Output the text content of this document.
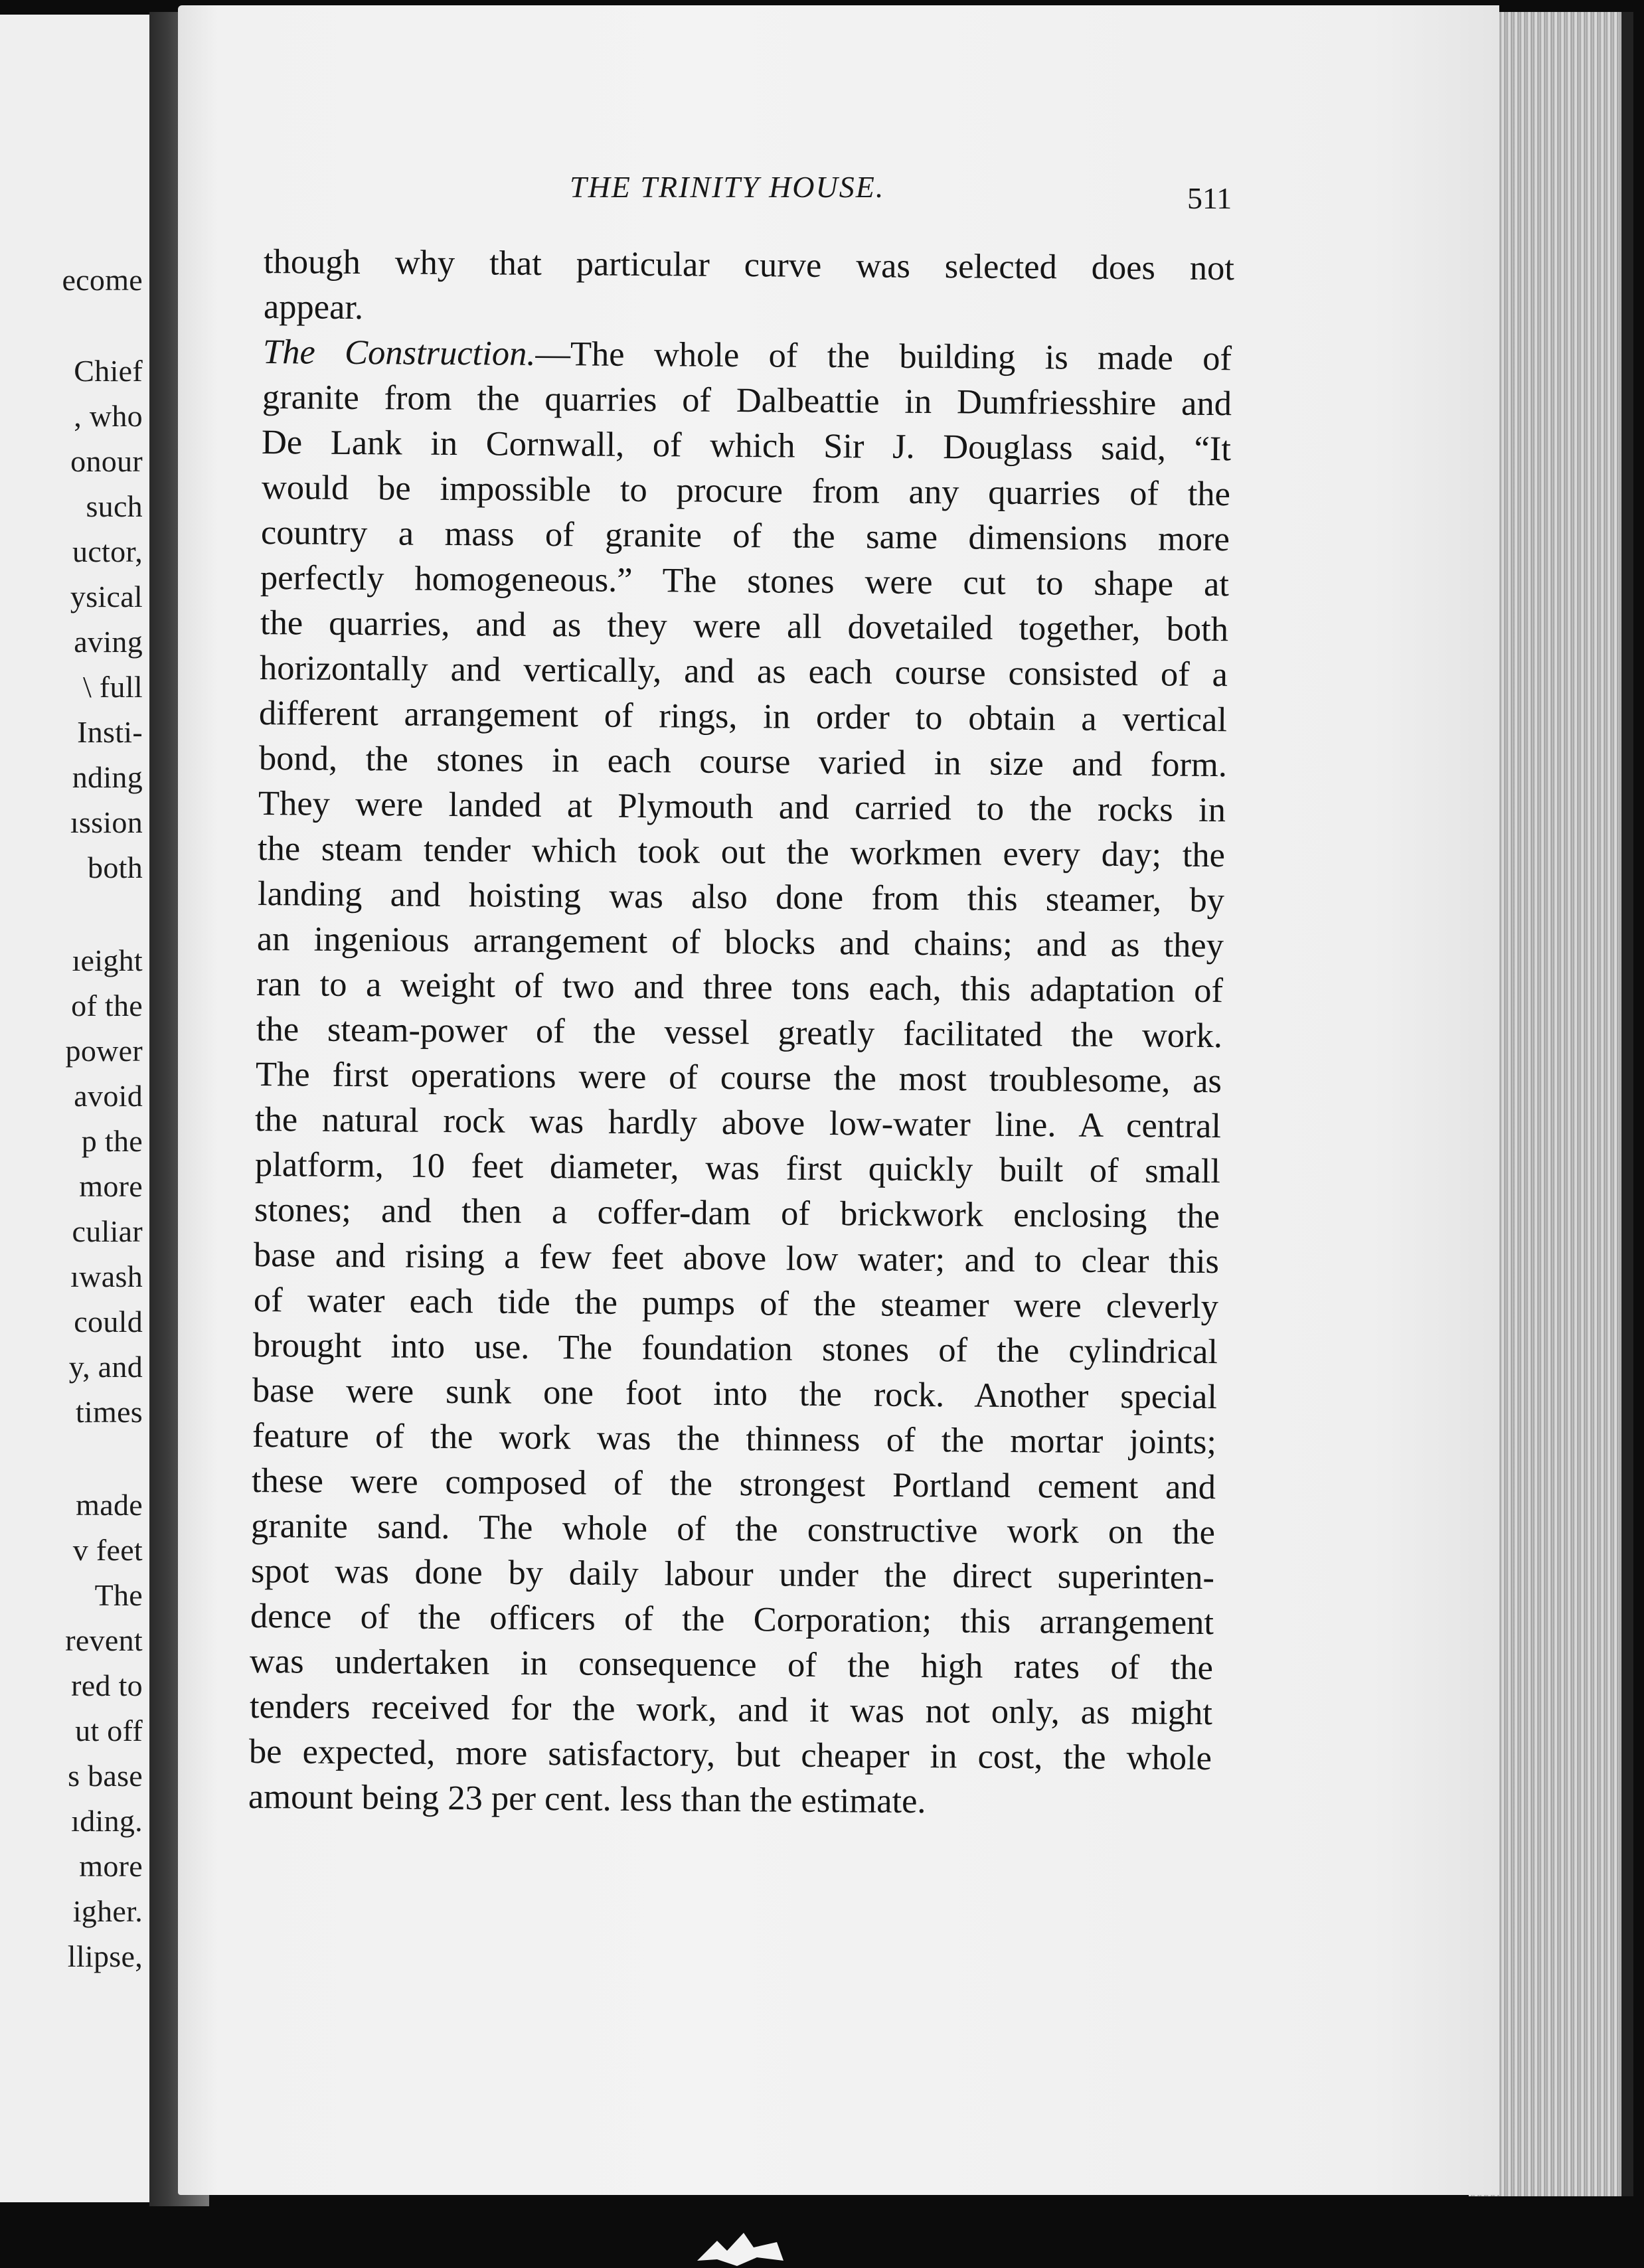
ecome

Chief

, who

onour

such

uctor,

ysical

aving

\ full

Insti-

nding

ıssion

both

ıeight

of the

power

avoid

p the

more

culiar

ıwash

could

y, and

times

made

v feet

The

revent

red to

ut off

s base

ıding.

more

igher.

llipse,

THE TRINITY HOUSE.	511

though why that particular curve was selected does not

appear.

The Construction.—The whole of the building is made of

granite from the quarries of Dalbeattie in Dumfriesshire and

De Lank in Cornwall, of which Sir J. Douglass said, “It

would be impossible to procure from any quarries of the

country a mass of granite of the same dimensions more

perfectly homogeneous.” The stones were cut to shape at

the quarries, and as they were all dovetailed together, both

horizontally and vertically, and as each course consisted of a

different arrangement of rings, in order to obtain a vertical

bond, the stones in each course varied in size and form.

They were landed at Plymouth and carried to the rocks in

the steam tender which took out the workmen every day; the

landing and hoisting was also done from this steamer, by

an ingenious arrangement of blocks and chains; and as they

ran to a weight of two and three tons each, this adaptation of

the steam-power of the vessel greatly facilitated the work.

The first operations were of course the most troublesome, as

the natural rock was hardly above low-water line. A central

platform, 10 feet diameter, was first quickly built of small

stones; and then a coffer-dam of brickwork enclosing the

base and rising a few feet above low water; and to clear this

of water each tide the pumps of the steamer were cleverly

brought into use. The foundation stones of the cylindrical

base were sunk one foot into the rock. Another special

feature of the work was the thinness of the mortar joints;

these were composed of the strongest Portland cement and

granite sand. The whole of the constructive work on the

spot was done by daily labour under the direct superinten-

dence of the officers of the Corporation; this arrangement

was undertaken in consequence of the high rates of the

tenders received for the work, and it was not only, as might

be expected, more satisfactory, but cheaper in cost, the whole

amount being 23 per cent. less than the estimate.
